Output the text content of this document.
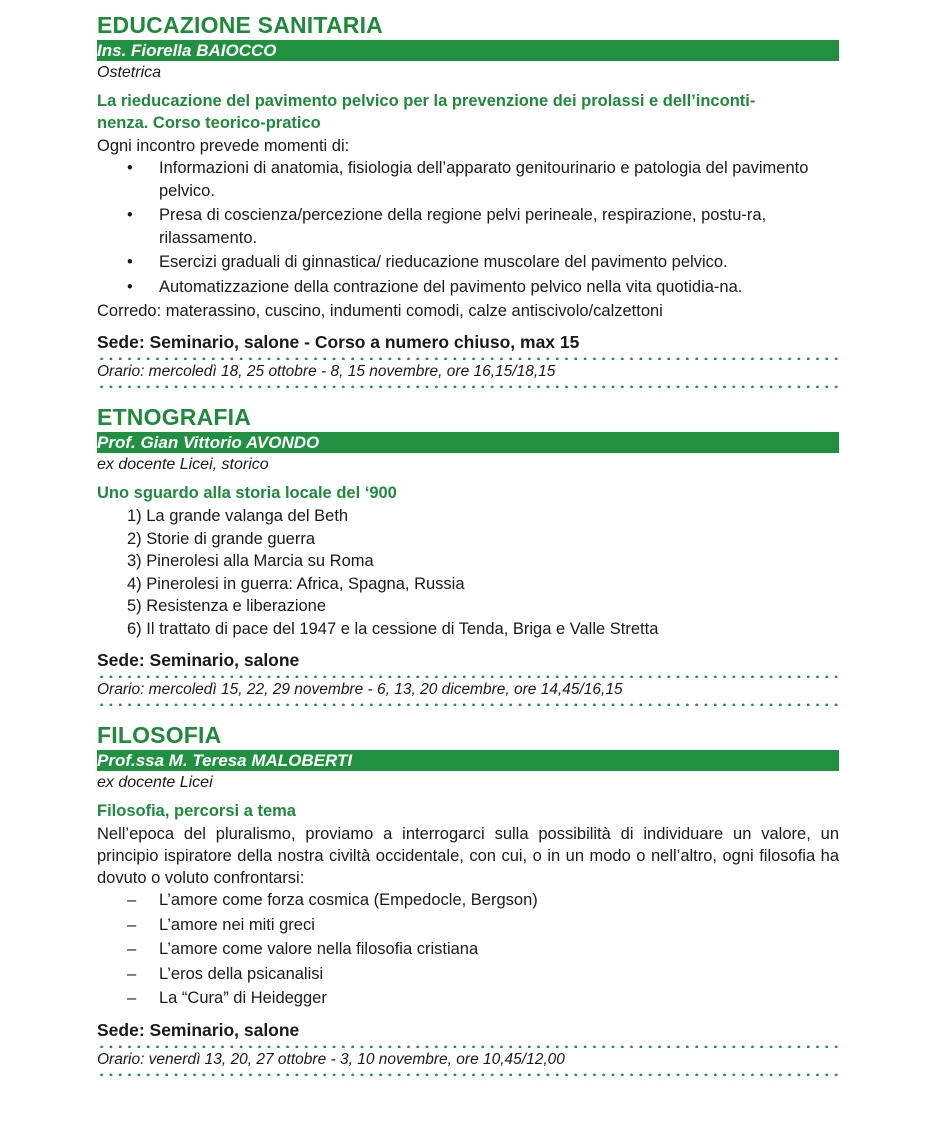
EDUCAZIONE SANITARIA
Ins. Fiorella BAIOCCO
Ostetrica
La rieducazione del pavimento pelvico per la prevenzione dei prolassi e dell’inconti-
nenza. Corso teorico-pratico
Ogni incontro prevede momenti di:
• Informazioni di anatomia, fisiologia dell’apparato genitourinario e patologia del pavimento pelvico.
• Presa di coscienza/percezione della regione pelvi perineale, respirazione, postu-ra, rilassamento.
• Esercizi graduali di ginnastica/ rieducazione muscolare del pavimento pelvico.
• Automatizzazione della contrazione del pavimento pelvico nella vita quotidia-na.
Corredo: materassino, cuscino, indumenti comodi, calze antiscivolo/calzettoni
Sede: Seminario, salone - Corso a numero chiuso, max 15
Orario: mercoledì 18, 25 ottobre - 8, 15 novembre, ore 16,15/18,15
ETNOGRAFIA
Prof. Gian Vittorio AVONDO
ex docente Licei, storico
Uno sguardo alla storia locale del ‘900
1) La grande valanga del Beth
2) Storie di grande guerra
3) Pinerolesi alla Marcia su Roma
4) Pinerolesi in guerra: Africa, Spagna, Russia
5) Resistenza e liberazione
6) Il trattato di pace del 1947 e la cessione di Tenda, Briga e Valle Stretta
Sede: Seminario, salone
Orario: mercoledì 15, 22, 29 novembre - 6, 13, 20 dicembre, ore 14,45/16,15
FILOSOFIA
Prof.ssa M. Teresa MALOBERTI
ex docente Licei
Filosofia, percorsi a tema
Nell’epoca del pluralismo, proviamo a interrogarci sulla possibilità di individuare un valore, un principio ispiratore della nostra civiltà occidentale, con cui, o in un modo o nell’altro, ogni filosofia ha dovuto o voluto confrontarsi:
– L’amore come forza cosmica (Empedocle, Bergson)
– L’amore nei miti greci
– L’amore come valore nella filosofia cristiana
– L’eros della psicanalisi
– La “Cura” di Heidegger
Sede: Seminario, salone
Orario: venerdì 13, 20, 27 ottobre - 3, 10 novembre, ore 10,45/12,00
